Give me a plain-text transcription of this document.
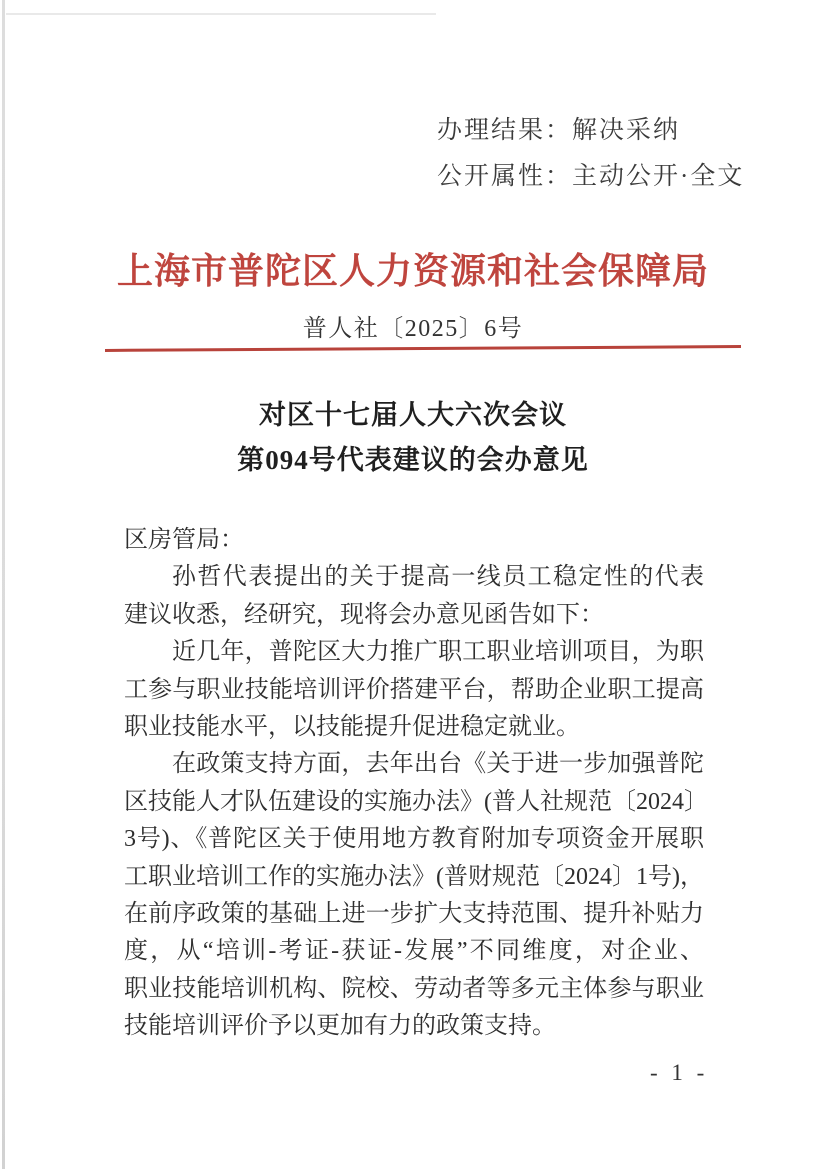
办理结果：解决采纳
公开属性：主动公开·全文
上海市普陀区人力资源和社会保障局
普人社〔2025〕6号
对区十七届人大六次会议
第094号代表建议的会办意见
区房管局：
孙哲代表提出的关于提高一线员工稳定性的代表
建议收悉，经研究，现将会办意见函告如下：
近几年，普陀区大力推广职工职业培训项目，为职
工参与职业技能培训评价搭建平台，帮助企业职工提高
职业技能水平，以技能提升促进稳定就业。
在政策支持方面，去年出台《关于进一步加强普陀
区技能人才队伍建设的实施办法》(普人社规范〔2024〕
3号)、《普陀区关于使用地方教育附加专项资金开展职
工职业培训工作的实施办法》(普财规范〔2024〕1号)，
在前序政策的基础上进一步扩大支持范围、提升补贴力
度，从“培训-考证-获证-发展”不同维度，对企业、
职业技能培训机构、院校、劳动者等多元主体参与职业
技能培训评价予以更加有力的政策支持。
- 1 -
